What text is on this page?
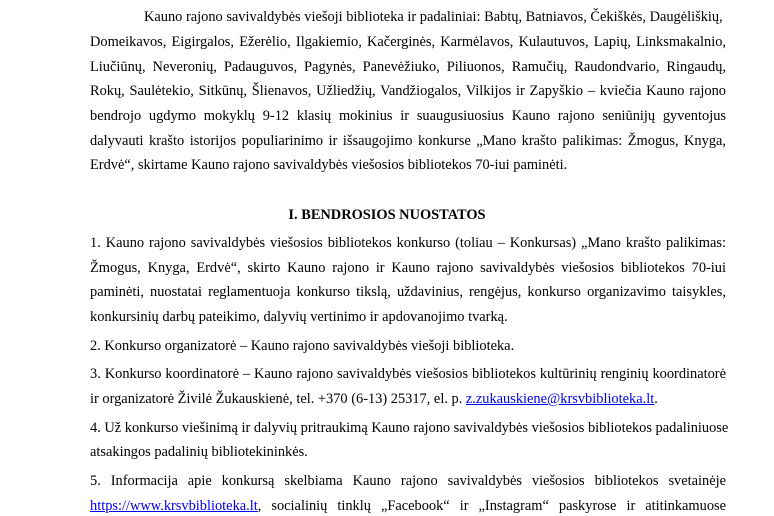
Kauno rajono savivaldybės viešoji biblioteka ir padaliniai: Babtų, Batniavos, Čekiškės, Daugėliškių,
Domeikavos, Eigirgalos, Ežerėlio, Ilgakiemio, Kačerginės, Karmėlavos, Kulautuvos, Lapių, Linksmakalnio,
Liučiūnų, Neveronių, Padauguvos, Pagynės, Panevėžiuko, Piliuonos, Ramučių, Raudondvario, Ringaudų,
Rokų, Saulėtekio, Sitkūnų, Šlienavos, Užliedžių, Vandžiogalos, Vilkijos ir Zapyškio – kviečia Kauno rajono
bendrojo ugdymo mokyklų 9-12 klasių mokinius ir suaugusiuosius Kauno rajono seniūnijų gyventojus
dalyvauti krašto istorijos populiarinimo ir išsaugojimo konkurse „Mano krašto palikimas: Žmogus, Knyga,
Erdvė“, skirtame Kauno rajono savivaldybės viešosios bibliotekos 70-iui paminėti.
I. BENDROSIOS NUOSTATOS
1. Kauno rajono savivaldybės viešosios bibliotekos konkurso (toliau – Konkursas) „Mano krašto palikimas:
Žmogus, Knyga, Erdvė“, skirto Kauno rajono ir Kauno rajono savivaldybės viešosios bibliotekos 70-iui
paminėti, nuostatai reglamentuoja konkurso tikslą, uždavinius, rengėjus, konkurso organizavimo taisykles,
konkursinių darbų pateikimo, dalyvių vertinimo ir apdovanojimo tvarką.
2. Konkurso organizatorė – Kauno rajono savivaldybės viešoji biblioteka.
3. Konkurso koordinatorė – Kauno rajono savivaldybės viešosios bibliotekos kultūrinių renginių koordinatorė
ir organizatorė Živilė Žukauskienė, tel. +370 (6-13) 25317, el. p. z.zukauskiene@krsvbiblioteka.lt.
4. Už konkurso viešinimą ir dalyvių pritraukimą Kauno rajono savivaldybės viešosios bibliotekos padaliniuose
atsakingos padalinių bibliotekininkės.
5. Informacija apie konkursą skelbiama Kauno rajono savivaldybės viešosios bibliotekos svetainėje
https://www.krsvbiblioteka.lt , socialinių tinklų „Facebook“ ir „Instagram“ paskyrose ir atitinkamuose
